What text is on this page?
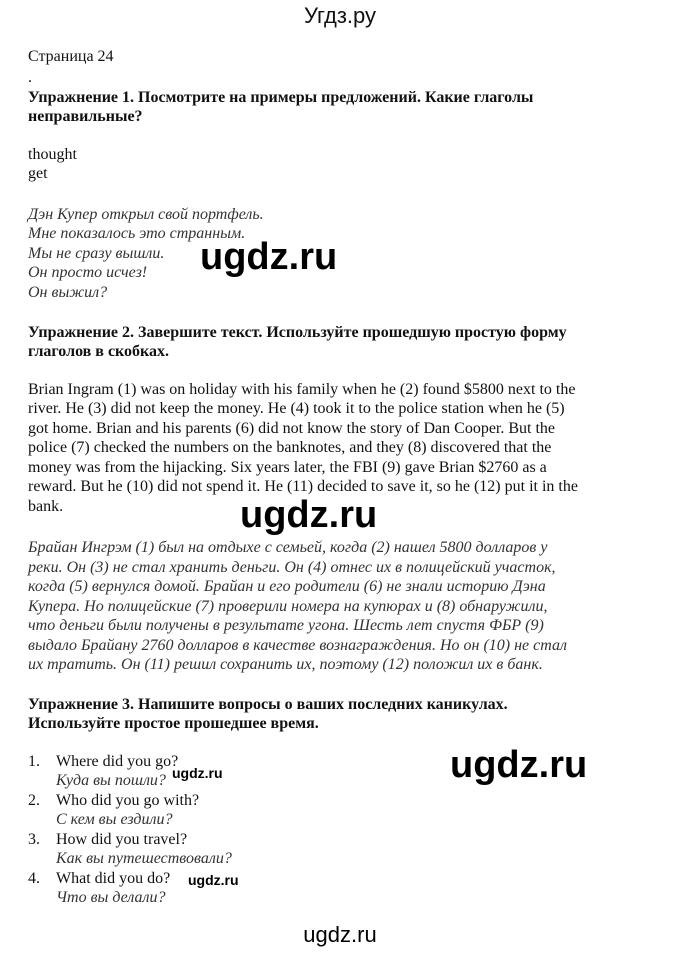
Угдз.ру
Страница 24
.
Упражнение 1. Посмотрите на примеры предложений. Какие глаголы
неправильные?
thought
get
Дэн Купер открыл свой портфель.
Мне показалось это странным.
Мы не сразу вышли.
Он просто исчез!
Он выжил?
ugdz.ru
Упражнение 2. Завершите текст. Используйте прошедшую простую форму
глаголов в скобках.
Brian Ingram (1) was on holiday with his family when he (2) found $5800 next to the
river. He (3) did not keep the money. He (4) took it to the police station when he (5)
got home. Brian and his parents (6) did not know the story of Dan Cooper. But the
police (7) checked the numbers on the banknotes, and they (8) discovered that the
money was from the hijacking. Six years later, the FBI (9) gave Brian $2760 as a
reward. But he (10) did not spend it. He (11) decided to save it, so he (12) put it in the
bank.	ugdz.ru
Брайан Ингрэм (1) был на отдыхе с семьей, когда (2) нашел 5800 долларов у
реки. Он (3) не стал хранить деньги. Он (4) отнес их в полицейский участок,
когда (5) вернулся домой. Брайан и его родители (6) не знали историю Дэна
Купера. Но полицейские (7) проверили номера на купюрах и (8) обнаружили,
что деньги были получены в результате угона. Шесть лет спустя ФБР (9)
выдало Брайану 2760 долларов в качестве вознаграждения. Но он (10) не стал
их тратить. Он (11) решил сохранить их, поэтому (12) положил их в банк.
Упражнение 3. Напишите вопросы о ваших последних каникулах.
Используйте простое прошедшее время.
1. Where did you go?
Куда вы пошли?
2. Who did you go with?
С кем вы ездили?
3. How did you travel?
Как вы путешествовали?
4. What did you do?
Что вы делали?
ugdz.ru	ugdz.ru
ugdz.ru
ugdz.ru
